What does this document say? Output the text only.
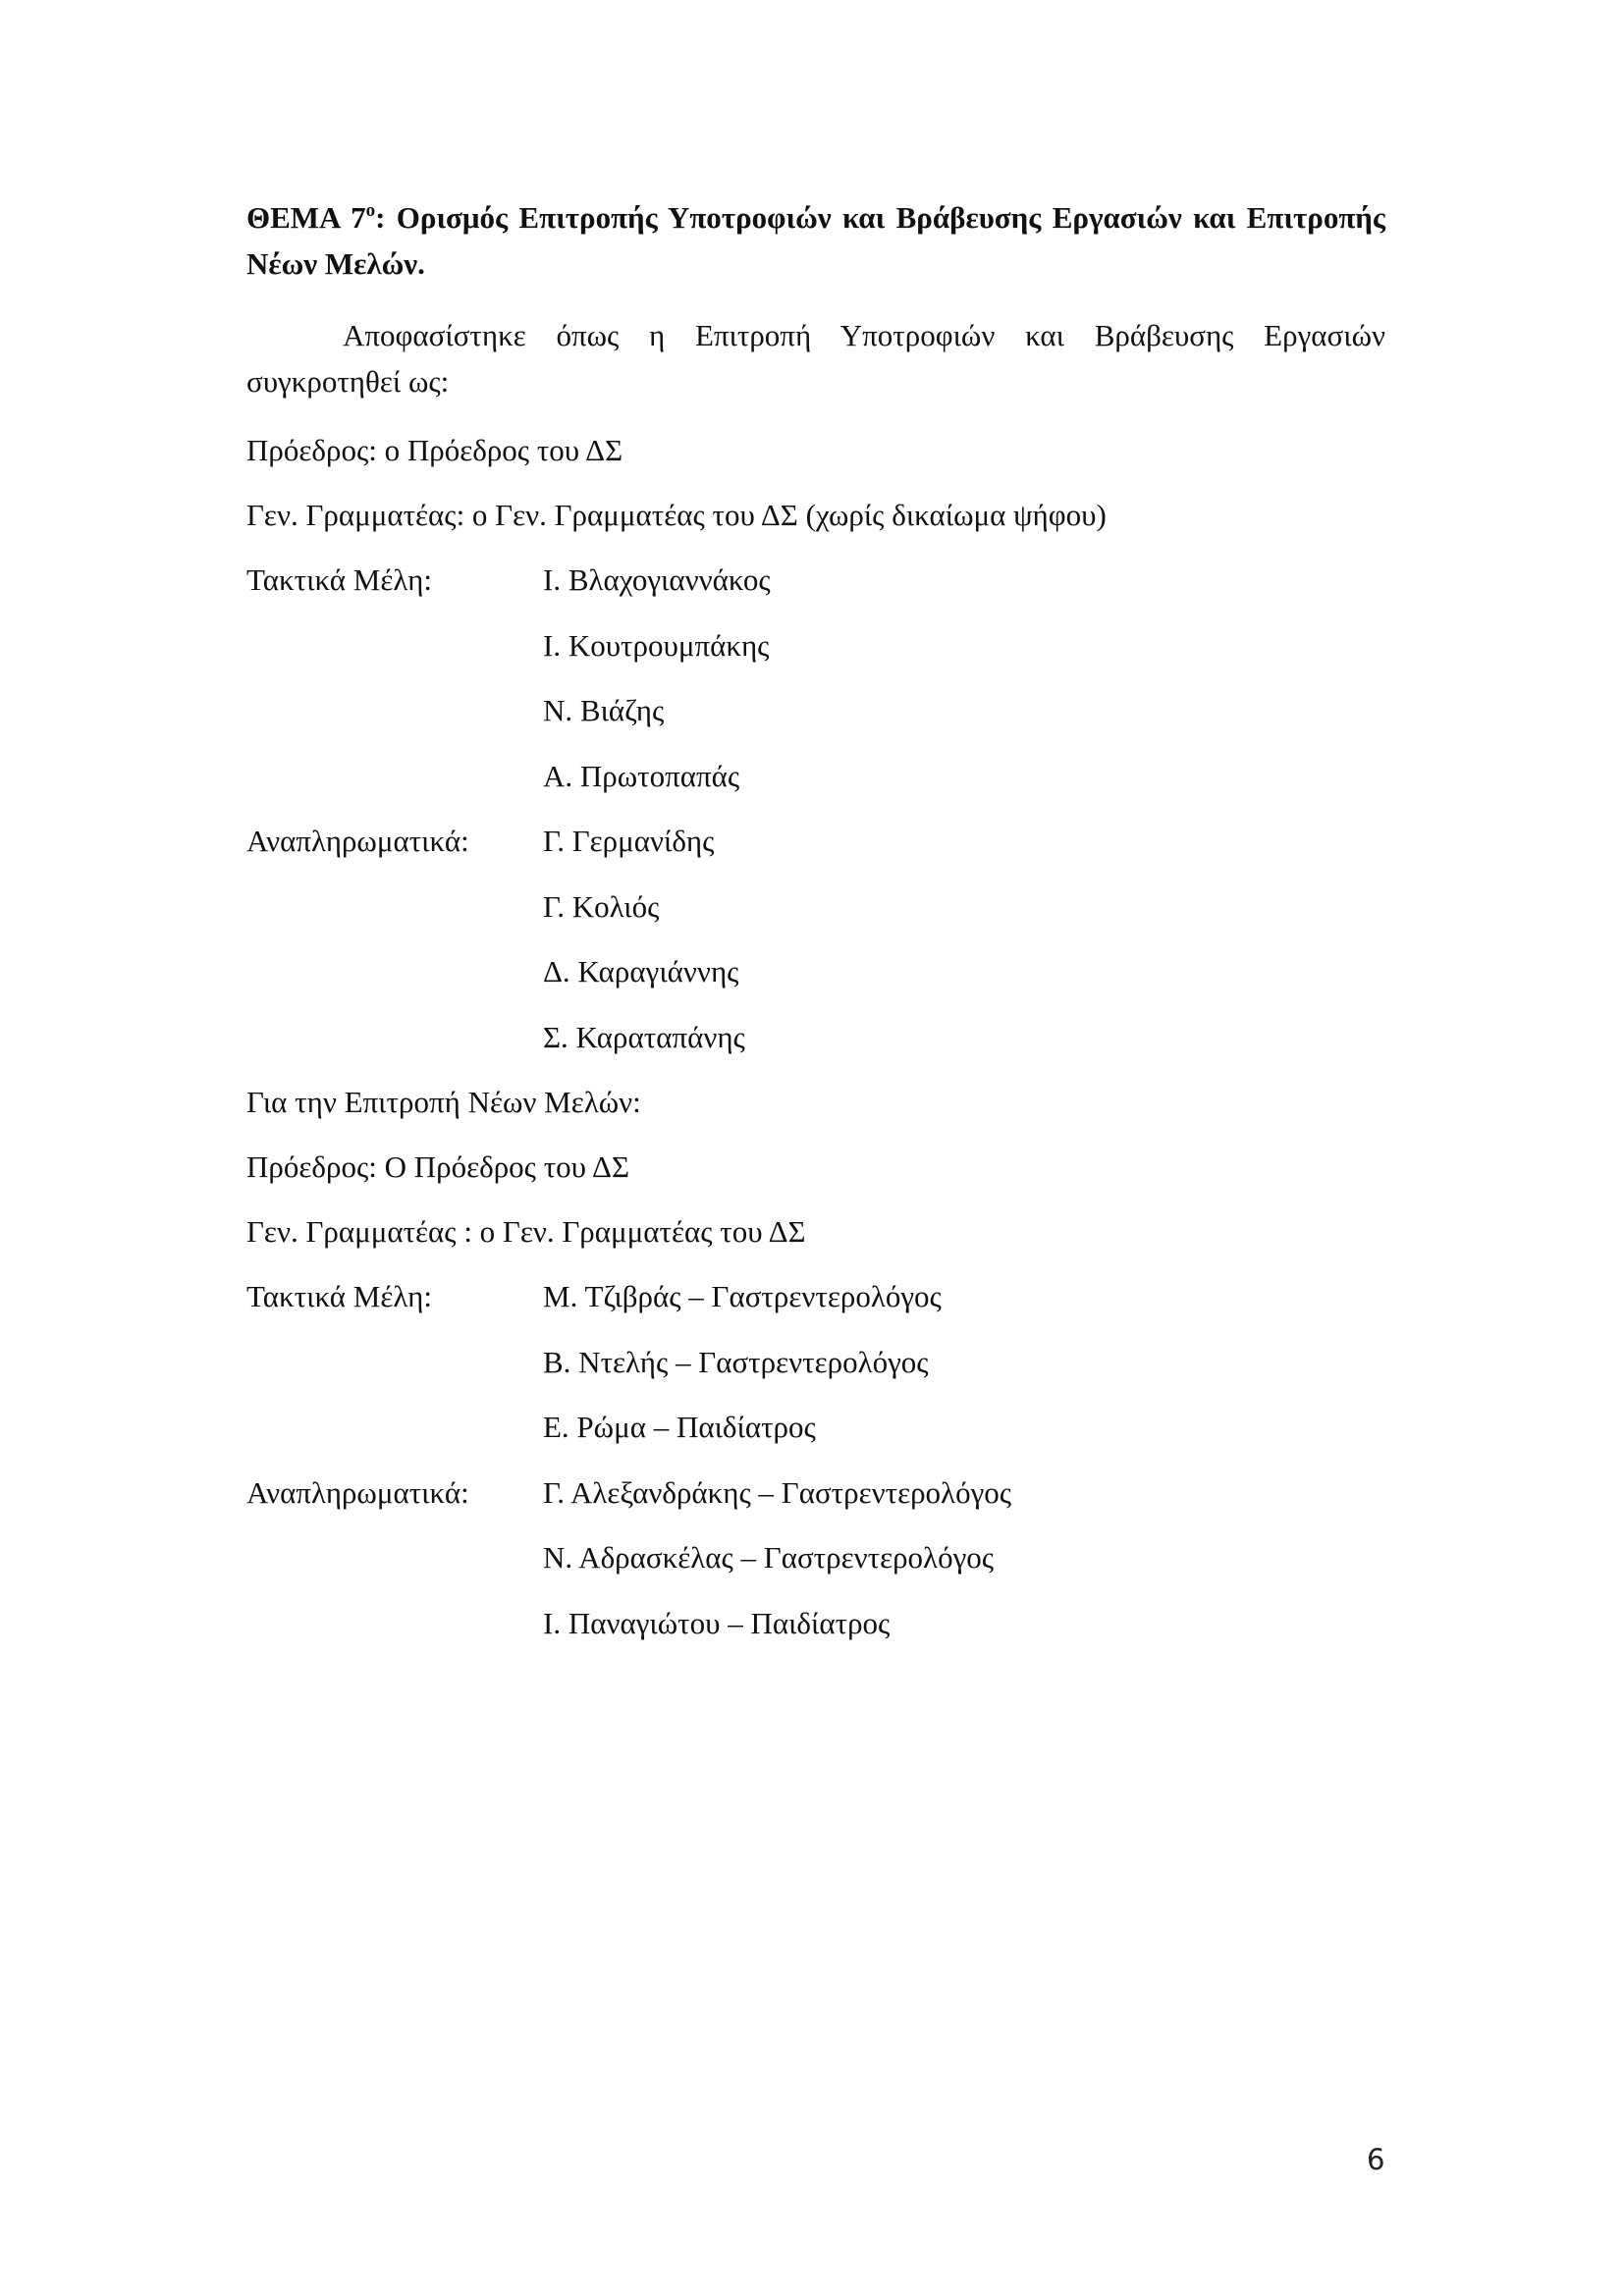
ΘΕΜΑ $7^o$: Ορισμός Επιτροπής Υποτροφιών και Βράβευσης Εργασιών και Επιτροπής Νέων Μελών.

Αποφασίστηκε όπως η Επιτροπή Υποτροφιών και Βράβευσης Εργασιών συγκροτηθεί ως:

Πρόεδρος: ο Πρόεδρος του ΔΣ

Γεν. Γραμματέας: ο Γεν. Γραμματέας του ΔΣ (χωρίς δικαίωμα ψήφου)

Τακτικά Μέλη:	Ι. Βλαχογιαννάκος
Ι. Κουτρουμπάκης
Ν. Βιάζης
Α. Πρωτοπαπάς
Αναπληρωματικά:	Γ. Γερμανίδης
Γ. Κολιός
Δ. Καραγιάννης
Σ. Καραταπάνης

Για την Επιτροπή Νέων Μελών:

Πρόεδρος: Ο Πρόεδρος του ΔΣ

Γεν. Γραμματέας : ο Γεν. Γραμματέας του ΔΣ

Τακτικά Μέλη:	Μ. Τζιβράς – Γαστρεντερολόγος
Β. Ντελής – Γαστρεντερολόγος
Ε. Ρώμα – Παιδίατρος
Αναπληρωματικά:	Γ. Αλεξανδράκης – Γαστρεντερολόγος
Ν. Αδρασκέλας – Γαστρεντερολόγος
Ι. Παναγιώτου – Παιδίατρος
6
